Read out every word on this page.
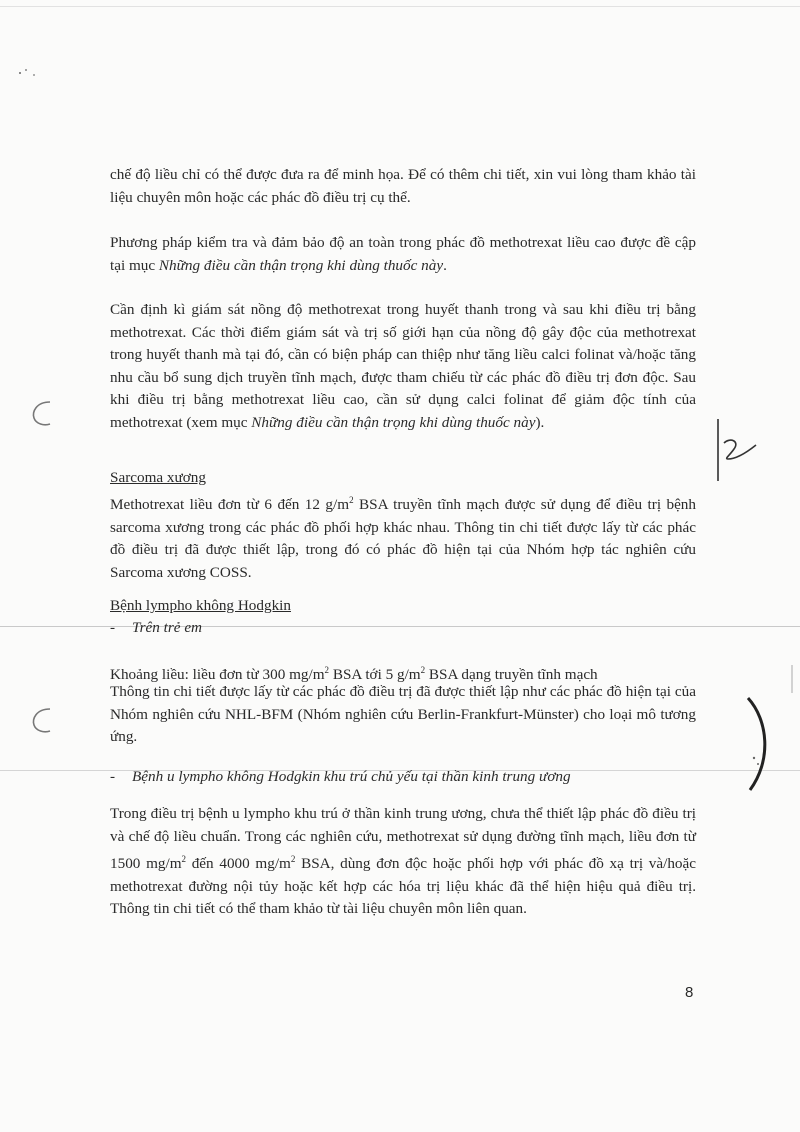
chế độ liều chỉ có thể được đưa ra để minh họa. Để có thêm chi tiết, xin vui lòng tham khảo tài liệu chuyên môn hoặc các phác đồ điều trị cụ thể.

Phương pháp kiểm tra và đảm bảo độ an toàn trong phác đồ methotrexat liều cao được đề cập tại mục Những điều cần thận trọng khi dùng thuốc này.

Cần định kì giám sát nồng độ methotrexat trong huyết thanh trong và sau khi điều trị bằng methotrexat. Các thời điểm giám sát và trị số giới hạn của nồng độ gây độc của methotrexat trong huyết thanh mà tại đó, cần có biện pháp can thiệp như tăng liều calci folinat và/hoặc tăng nhu cầu bổ sung dịch truyền tĩnh mạch, được tham chiếu từ các phác đồ điều trị đơn độc. Sau khi điều trị bằng methotrexat liều cao, cần sử dụng calci folinat để giảm độc tính của methotrexat (xem mục Những điều cần thận trọng khi dùng thuốc này).

Sarcoma xương

Methotrexat liều đơn từ 6 đến 12 $g/m^2$ BSA truyền tĩnh mạch được sử dụng để điều trị bệnh sarcoma xương trong các phác đồ phối hợp khác nhau. Thông tin chi tiết được lấy từ các phác đồ điều trị đã được thiết lập, trong đó có phác đồ hiện tại của Nhóm hợp tác nghiên cứu Sarcoma xương COSS.

Bệnh lympho không Hodgkin

- Trên trẻ em

Khoảng liều: liều đơn từ 300 $mg/m^2$ BSA tới 5 $g/m^2$ BSA dạng truyền tĩnh mạch

Thông tin chi tiết được lấy từ các phác đồ điều trị đã được thiết lập như các phác đồ hiện tại của Nhóm nghiên cứu NHL-BFM (Nhóm nghiên cứu Berlin-Frankfurt-Münster) cho loại mô tương ứng.

- Bệnh u lympho không Hodgkin khu trú chủ yếu tại thần kinh trung ương

Trong điều trị bệnh u lympho khu trú ở thần kinh trung ương, chưa thể thiết lập phác đồ điều trị và chế độ liều chuẩn. Trong các nghiên cứu, methotrexat sử dụng đường tĩnh mạch, liều đơn từ 1500 $mg/m^2$ đến 4000 $mg/m^2$ BSA, dùng đơn độc hoặc phối hợp với phác đồ xạ trị và/hoặc methotrexat đường nội tủy hoặc kết hợp các hóa trị liệu khác đã thể hiện hiệu quả điều trị. Thông tin chi tiết có thể tham khảo từ tài liệu chuyên môn liên quan.

8
